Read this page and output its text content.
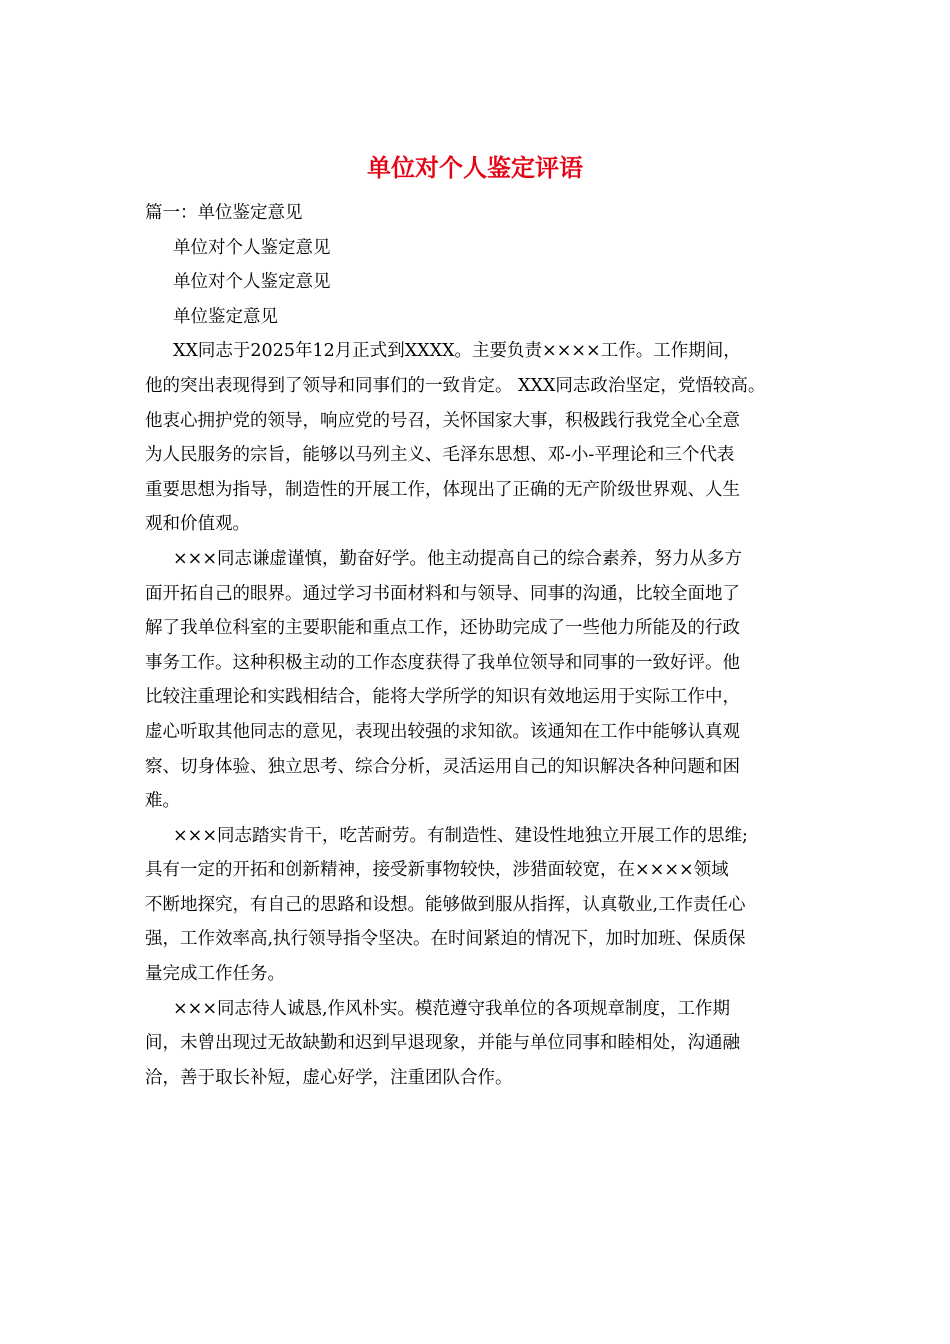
单位对个人鉴定评语

篇一：单位鉴定意见

单位对个人鉴定意见

单位对个人鉴定意见

单位鉴定意见

XX同志于2025年12月正式到XXXX。主要负责××××工作。工作期间，

他的突出表现得到了领导和同事们的一致肯定。 XXX同志政治坚定，党悟较高。

他衷心拥护党的领导，响应党的号召，关怀国家大事，积极践行我党全心全意

为人民服务的宗旨，能够以马列主义、毛泽东思想、邓-小-平理论和三个代表

重要思想为指导，制造性的开展工作，体现出了正确的无产阶级世界观、人生

观和价值观。

×××同志谦虚谨慎，勤奋好学。他主动提高自己的综合素养，努力从多方

面开拓自己的眼界。通过学习书面材料和与领导、同事的沟通，比较全面地了

解了我单位科室的主要职能和重点工作，还协助完成了一些他力所能及的行政

事务工作。这种积极主动的工作态度获得了我单位领导和同事的一致好评。他

比较注重理论和实践相结合，能将大学所学的知识有效地运用于实际工作中，

虚心听取其他同志的意见，表现出较强的求知欲。该通知在工作中能够认真观

察、切身体验、独立思考、综合分析，灵活运用自己的知识解决各种问题和困

难。

×××同志踏实肯干，吃苦耐劳。有制造性、建设性地独立开展工作的思维;

具有一定的开拓和创新精神，接受新事物较快，涉猎面较宽，在××××领域

不断地探究，有自己的思路和设想。能够做到服从指挥，认真敬业,工作责任心

强，工作效率高,执行领导指令坚决。在时间紧迫的情况下，加时加班、保质保

量完成工作任务。

×××同志待人诚恳,作风朴实。模范遵守我单位的各项规章制度，工作期

间，未曾出现过无故缺勤和迟到早退现象，并能与单位同事和睦相处，沟通融

洽，善于取长补短，虚心好学，注重团队合作。
